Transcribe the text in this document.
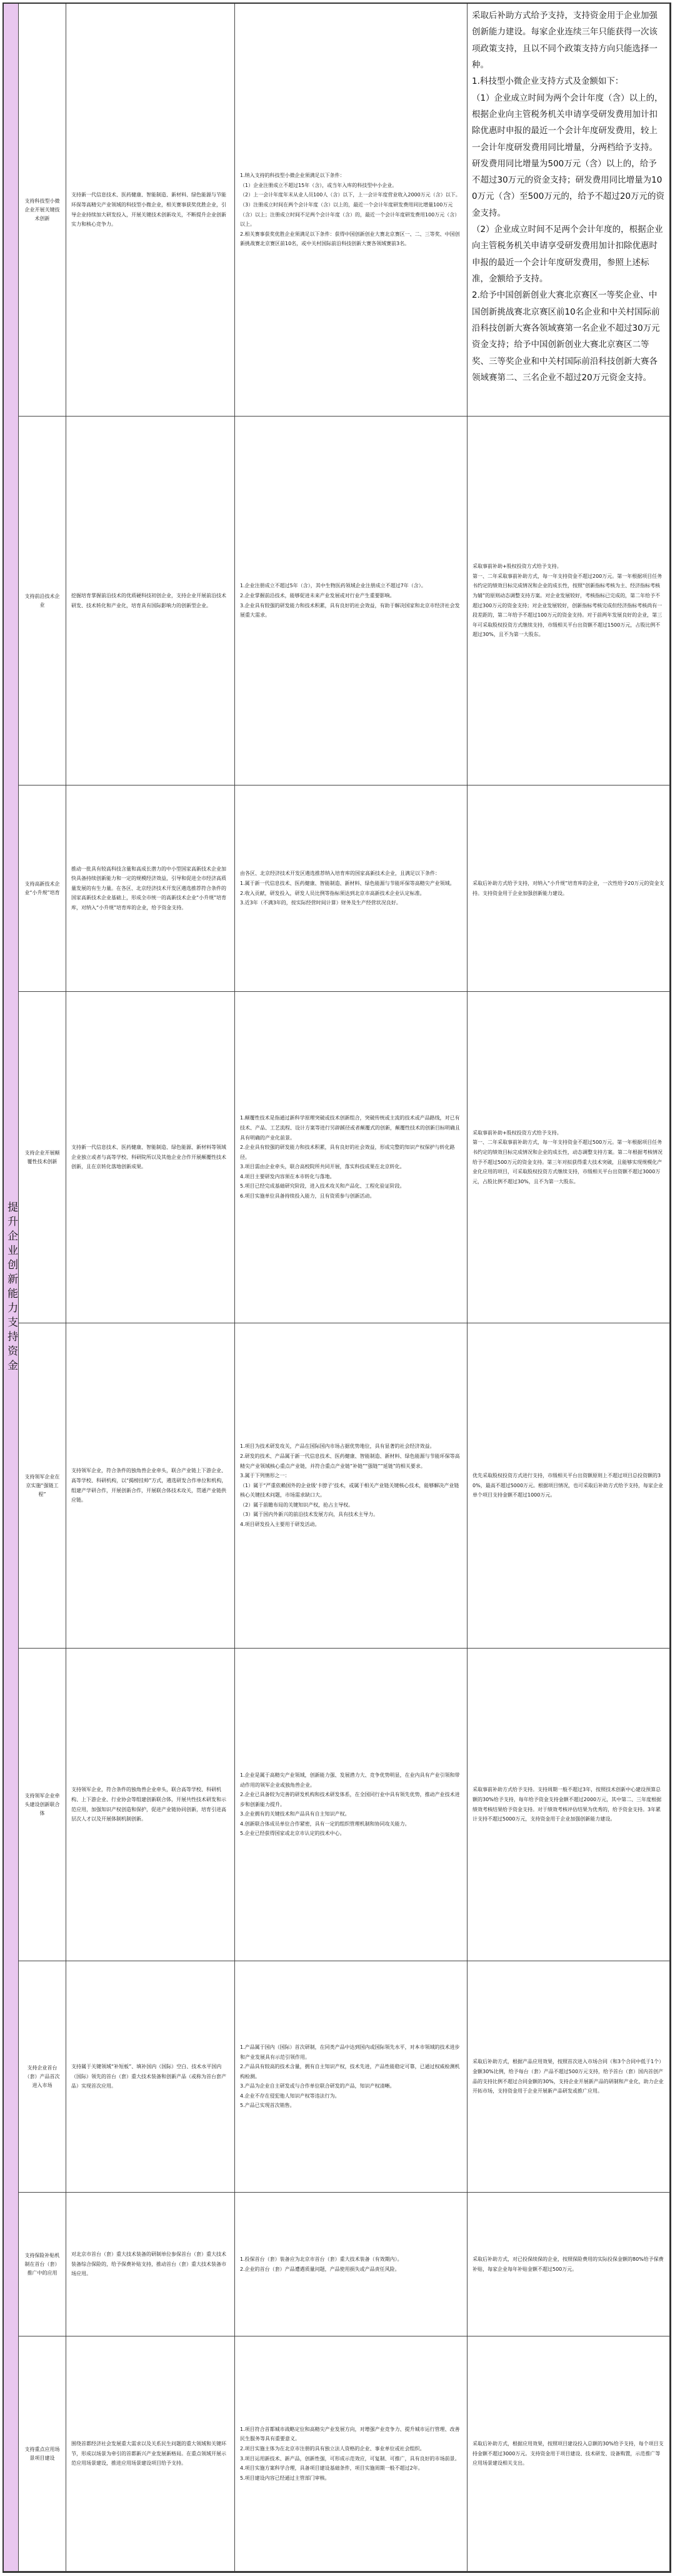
提升企业创新能力支持资金
支持科技型小微企业开展关键技术创新
支持新一代信息技术、医药健康、智能制造、新材料、绿色能源与节能环保等高精尖产业领域的科技型小微企业，相关赛事获奖优胜企业，引导企业持续加大研发投入，开展关键技术创新攻关，不断提升企业创新实力和核心竞争力。
1.纳入支持的科技型小微企业须满足以下条件：
（1）企业注册成立不超过15年（含），或当年入库的科技型中小企业。
（2）上一会计年度年末从业人员100人（含）以下，上一会计年度营业收入2000万元（含）以下。
（3）注册成立时间在两个会计年度（含）以上的，最近一个会计年度研发费用同比增量100万元（含）以上；注册成立时间不足两个会计年度（含）的，最近一个会计年度研发费用100万元（含）以上。
2.相关赛事获奖优胜企业须满足以下条件：获得中国创新创业大赛北京赛区一、二、三等奖、中国创新挑战赛北京赛区前10名，或中关村国际前沿科技创新大赛各领域赛前3名。
采取后补助方式给予支持，支持资金用于企业加强创新能力建设。每家企业连续三年只能获得一次该项政策支持，且以不同个政策支持方向只能选择一种。
1.科技型小微企业支持方式及金额如下：
（1）企业成立时间为两个会计年度（含）以上的，根据企业向主管税务机关申请享受研发费用加计扣除优惠时申报的最近一个会计年度研发费用，较上一会计年度研发费用同比增量，分两档给予支持。研发费用同比增量为500万元（含）以上的，给予不超过30万元的资金支持；研发费用同比增量为100万元（含）至500万元的，给予不超过20万元的资金支持。
（2）企业成立时间不足两个会计年度的，根据企业向主管税务机关申请享受研发费用加计扣除优惠时申报的最近一个会计年度研发费用，参照上述标准，金额给予支持。
2.给予中国创新创业大赛北京赛区一等奖企业、中国创新挑战赛北京赛区前10名企业和中关村国际前沿科技创新大赛各领域赛第一名企业不超过30万元资金支持；给予中国创新创业大赛北京赛区二等奖、三等奖企业和中关村国际前沿科技创新大赛各领域赛第二、三名企业不超过20万元资金支持。
支持前沿技术企业
挖掘培育掌握前沿技术的优质硬科技初创企业，支持企业开展前沿技术研发、技术转化和产业化，培育具有国际影响力的创新型企业。
1.企业注册成立不超过5年（含），其中生物医药领域企业注册成立不超过7年（含）。
2.企业掌握前沿技术，能够促进未来产业发展或对行业产生重要影响。
3.企业具有较强的研发能力和技术积累，具有良好的社会效益，有助于解决国家和北京市经济社会发展重大需求。
采取事前补助+股权投资方式给予支持。
第一、二年采取事前补助方式，每一年支持资金不超过200万元。第一年根据项目任务书约定的绩效目标完成情况和企业的成长性，按照“创新指标考核为主、经济指标考核为辅”的原则动态调整支持方案。对企业发展较好，考核指标已完成的，第二年给予不超过300万元的资金支持；对企业发展较好，创新指标考核完成但经济指标考核尚有一段差距的，第二年给予不超过100万元的资金支持。对于前两年发展良好的企业，第三年可采取股权投资方式继续支持，市级相关平台出资额不超过1500万元，占股比例不超过30%，且不为第一大股东。
支持高新技术企业“小升规”培育
推动一批具有较高科技含量和高成长潜力的中小型国家高新技术企业加快具备持续创新能力和一定的规模经济效益，引导和促进全市经济高质量发展的有生力量。在各区、北京经济技术开发区遴选推荐符合条件的国家高新技术企业基础上，形成全市统一的高新技术企业“小升规”培育库，对纳入“小升规”培育库的企业，给予资金支持。
由各区、北京经济技术开发区遴选推荐纳入培育库的国家高新技术企业，且满足以下条件：
1.属于新一代信息技术、医药健康、智能制造、新材料、绿色能源与节能环保等高精尖产业领域。
2.收入贡献，研发投入，研发人员比例等指标须达到北京市高新技术企业认定标准。
3.近3年（不满3年的，按实际经营时间计算）财务及生产经营状况良好。
采取后补助方式给予支持，对纳入“小升规”培育库的企业，一次性给予20万元的资金支持。支持资金用于企业加强创新能力建设。
支持企业开展颠覆性技术创新
支持新一代信息技术、医药健康、智能制造、绿色能源、新材料等领域企业独立或者与高等学校、科研院所以及其他企业合作开展颠覆性技术创新，且在京转化落地创新成果。
1.颠覆性技术是指通过新科学原理突破或技术创新组合，突破传统或主流的技术或产品路线，对已有技术、产品、工艺流程、设计方案等进行另辟蹊径或者颠覆式的创新，颠覆性技术的创新目标明确且具有明确的产业化前景。
2.企业具有较强的研发能力和技术积累，具有良好的社会效益，形成完整的知识产权保护与转化路径。
3.项目需由企业牵头，联合高校院所共同开展，落实科技成果在北京转化。
4.项目主要研发内容须在本市转化与落地。
5.项目已经完成基础研究阶段，进入技术攻关和产品化、工程化验证阶段。
6.项目实施单位具备持续投入能力，且有资质参与创新活动。
采取事前补助+股权投资方式给予支持。
第一、二年采取事前补助方式，每一年支持资金不超过500万元。第一年根据项目任务书约定的绩效目标完成情况和企业的成长性，动态调整支持方案。第二年根据考核情况给予不超过500万元的资金支持。第三年对拟获得重大技术突破，且能够实现规模化产业化应用的项目，可采取股权投资方式继续支持，市级相关平台出资额不超过3000万元，占股比例不超过30%，且不为第一大股东。
支持领军企业在京实施“强链工程”
支持领军企业，符合条件的独角兽企业牵头，联合产业链上下游企业、高等学校、科研机构，以“揭榜挂帅”方式，遴选研发合作单位和机构，组建产学研合作，开展创新合作，开展联合体技术攻关，贯通产业链供应链。
1.项目为技术研发攻关，产品在国际国内市场占据优势地位，具有显著的社会经济效益。
2.研发的技术、产品属于新一代信息技术、医药健康、智能制造、新材料、绿色能源与节能环保等高精尖产业领域核心重点产业链，并符合重点产业链“补链”“强链”“延链”的相关要求。
3.属于下列情形之一：
（1）属于“严重依赖国外的企业级‘卡脖子’技术，或属于相关产业链关键核心技术，能够解决产业链核心关键技术问题，市场需求缺口大。
（2）属于前瞻布局的关键知识产权，抢占主导权。
（3）属于国内外新兴的前沿技术发展方向，具有技术主导力。
4.项目研发投入主要用于研发活动。
优先采取股权投资方式进行支持，市级相关平台出资额原则上不超过项目总投资额的30%，最高不超过5000万元。根据项目情况，也可采取后补助方式给予支持，每家企业单个项目支持金额不超过1000万元。
支持领军企业牵头建设创新联合体
支持领军企业，符合条件的独角兽企业牵头，联合高等学校、科研机构、上下游企业、行业协会等组建创新联合体，开展共性技术研发和示范应用，加强知识产权创造和保护，促进产业链协同创新，培育引进高层次人才以及开展体制机制创新。
1.企业是属于高精尖产业领域，创新能力强、发展潜力大、竞争优势明显，在业内具有产业引领和带动作用的领军企业或独角兽企业。
2.企业已具备较为完善的研发机构和技术研发体系，在全国同行业中具有领先优势，推动产业技术进步和创新能力提升。
3.企业拥有的关键技术和产品具有自主知识产权。
4.创新联合体成员单位合作紧密，具有一定的组织管理机制和协同攻关能力。
5.企业已经获得国家或北京市认定的技术中心。
采取事前补助方式给予支持。支持周期一般不超过3年，按照技术创新中心建设预算总额的30%给予支持，每年给予资金支持金额不超过2000万元，其中第二、三年度根据绩效考核结果给予资金支持。对于绩效考核评估结果为优秀的，给予资金支持。3年累计支持不超过5000万元，支持资金用于企业加强创新能力建设。
支持企业首台（套）产品首次进入市场
支持属于关键领域“补短板”、填补国内（国际）空白、技术水平国内（国际）领先的首台（套）重大技术装备和创新产品（或称为首台套产品）实现首次应用。
1.产品属于国内（国际）首次研制，在同类产品中达到国内或国际领先水平，对本市领域的技术进步和产业发展具有示范引领作用。
2.产品具有较高的技术含量，拥有自主知识产权，技术先进，产品性能稳定可靠，已通过权威检测机构检测。
3.产品为企业自主研发或与合作单位联合研发的产品，知识产权清晰。
4.企业不存在侵犯他人知识产权等违法行为。
5.产品已实现首次销售。
采取后补助方式，根据产品应用效果，按照首次进入市场合同（和3个合同中低于1个）金额30%比例，给予每台（套）产品不超过500万元支持，给予首台（套）国内首创产品的支持比例不超过合同金额的30%，支持企业开展新产品的研制和产业化，助力企业开拓市场，支持资金用于企业开展新产品研发或推广应用。
支持保险补贴机制在首台（套）推广中的应用
对北京市首台（套）重大技术装备的研制单位参保首台（套）重大技术装备综合保险的，给予保费补贴支持，推动首台（套）重大技术装备市场应用。
1.投保首台（套）装备应为北京市首台（套）重大技术装备（有效期内）。
2.企业的首台（套）产品遭遇质量问题，产品使用损失或产品责任风险。
采取后补助方式，对已投保续保的企业，按照保险费用的实际投保金额的80%给予保费补贴，每家企业每年补贴金额不超过500万元。
支持重点应用场景项目建设
围绕首都经济社会发展重大需求以及关系民生问题的重大领域和关键环节，形成以场景为牵引的首都新兴产业发展新格局。在重点领域开展示范应用场景建设，推进应用场景建设项目给予支持。
1.项目符合首都城市战略定位和高精尖产业发展方向，对增强产业竞争力、提升城市运行管理、改善民生服务等具有重要意义。
2.项目实施主体为在北京市注册的具有独立法人资格的企业、事业单位或社会组织。
3.项目运用新技术、新产品，创新性强，可形成示范效应，可复制、可推广，具有良好的市场前景。
4.项目实施方案科学合理，具备项目建设基础条件，项目实施周期一般不超过2年。
5.项目建设内容已经通过主管部门审核。
采取后补助方式，根据应用效果，按照项目建设投入总额的30%给予支持，每个项目支持金额不超过3000万元。支持资金用于项目建设、技术研发、设备购置，示范推广等应用场景建设相关支出。
